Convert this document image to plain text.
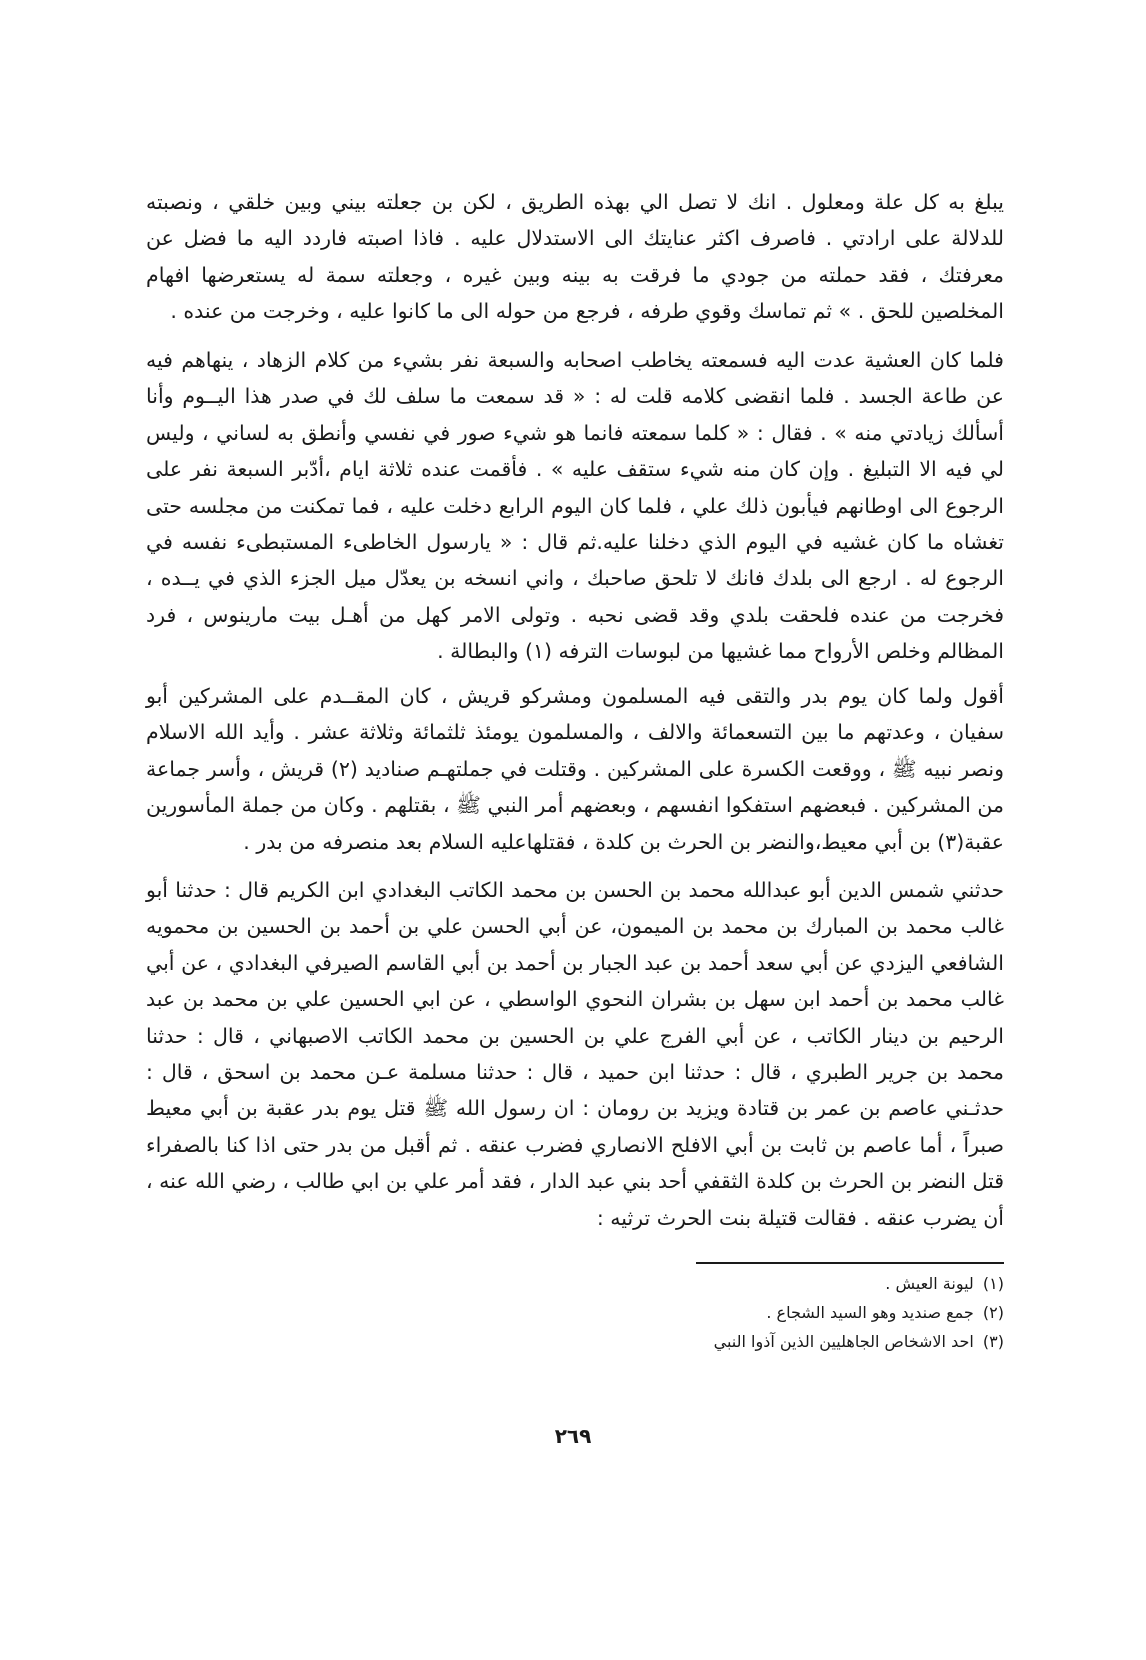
يبلغ به كل علة ومعلول . انك لا تصل الي بهذه الطريق ، لكن بن جعلته بيني وبين خلقي ، ونصبته للدلالة على ارادتي . فاصرف اكثر عنايتك الى الاستدلال عليه . فاذا اصبته فاردد اليه ما فضل عن معرفتك ، فقد حملته من جودي ما فرقت به بينه وبين غيره ، وجعلته سمة له يستعرضها افهام المخلصين للحق . » ثم تماسك وقوي طرفه ، فرجع من حوله الى ما كانوا عليه ، وخرجت من عنده .

فلما كان العشية عدت اليه فسمعته يخاطب اصحابه والسبعة نفر بشيء من كلام الزهاد ، ينهاهم فيه عن طاعة الجسد . فلما انقضى كلامه قلت له : « قد سمعت ما سلف لك في صدر هذا اليــوم وأنا أسألك زيادتي منه » . فقال : « كلما سمعته فانما هو شيء صور في نفسي وأنطق به لساني ، وليس لي فيه الا التبليغ . وإن كان منه شيء ستقف عليه » . فأقمت عنده ثلاثة ايام ،أدّبر السبعة نفر على الرجوع الى اوطانهم فيأبون ذلك علي ، فلما كان اليوم الرابع دخلت عليه ، فما تمكنت من مجلسه حتى تغشاه ما كان غشيه في اليوم الذي دخلنا عليه.ثم قال : « يارسول الخاطىء المستبطىء نفسه في الرجوع له . ارجع الى بلدك فانك لا تلحق صاحبك ، واني انسخه بن يعدّل ميل الجزء الذي في يــده ، فخرجت من عنده فلحقت بلدي وقد قضى نحبه . وتولى الامر كهل من أهـل بيت مارينوس ، فرد المظالم وخلص الأرواح مما غشيها من لبوسات الترفه (١) والبطالة .

أقول ولما كان يوم بدر والتقى فيه المسلمون ومشركو قريش ، كان المقــدم على المشركين أبو سفيان ، وعدتهم ما بين التسعمائة والالف ، والمسلمون يومئذ ثلثمائة وثلاثة عشر . وأيد الله الاسلام ونصر نبيه ﷺ ، ووقعت الكسرة على المشركين . وقتلت في جملتهـم صناديد (٢) قريش ، وأسر جماعة من المشركين . فبعضهم استفكوا انفسهم ، وبعضهم أمر النبي ﷺ ، بقتلهم . وكان من جملة المأسورين عقبة(٣) بن أبي معيط،والنضر بن الحرث بن كلدة ، فقتلهاعليه السلام بعد منصرفه من بدر .

حدثني شمس الدين أبو عبدالله محمد بن الحسن بن محمد الكاتب البغدادي ابن الكريم قال : حدثنا أبو غالب محمد بن المبارك بن محمد بن الميمون، عن أبي الحسن علي بن أحمد بن الحسين بن محمويه الشافعي اليزدي عن أبي سعد أحمد بن عبد الجبار بن أحمد بن أبي القاسم الصيرفي البغدادي ، عن أبي غالب محمد بن أحمد ابن سهل بن بشران النحوي الواسطي ، عن ابي الحسين علي بن محمد بن عبد الرحيم بن دينار الكاتب ، عن أبي الفرج علي بن الحسين بن محمد الكاتب الاصبهاني ، قال : حدثنا محمد بن جرير الطبري ، قال : حدثنا ابن حميد ، قال : حدثنا مسلمة عـن محمد بن اسحق ، قال : حدثـني عاصم بن عمر بن قتادة ويزيد بن رومان : ان رسول الله ﷺ قتل يوم بدر عقبة بن أبي معيط صبراً ، أما عاصم بن ثابت بن أبي الافلح الانصاري فضرب عنقه . ثم أقبل من بدر حتى اذا كنا بالصفراء قتل النضر بن الحرث بن كلدة الثقفي أحد بني عبد الدار ، فقد أمر علي بن ابي طالب ، رضي الله عنه ، أن يضرب عنقه . فقالت قتيلة بنت الحرث ترثيه :

(١) ليونة العيش .

(٢) جمع صنديد وهو السيد الشجاع .

(٣) احد الاشخاص الجاهليين الذين آذوا النبي

٢٦٩
